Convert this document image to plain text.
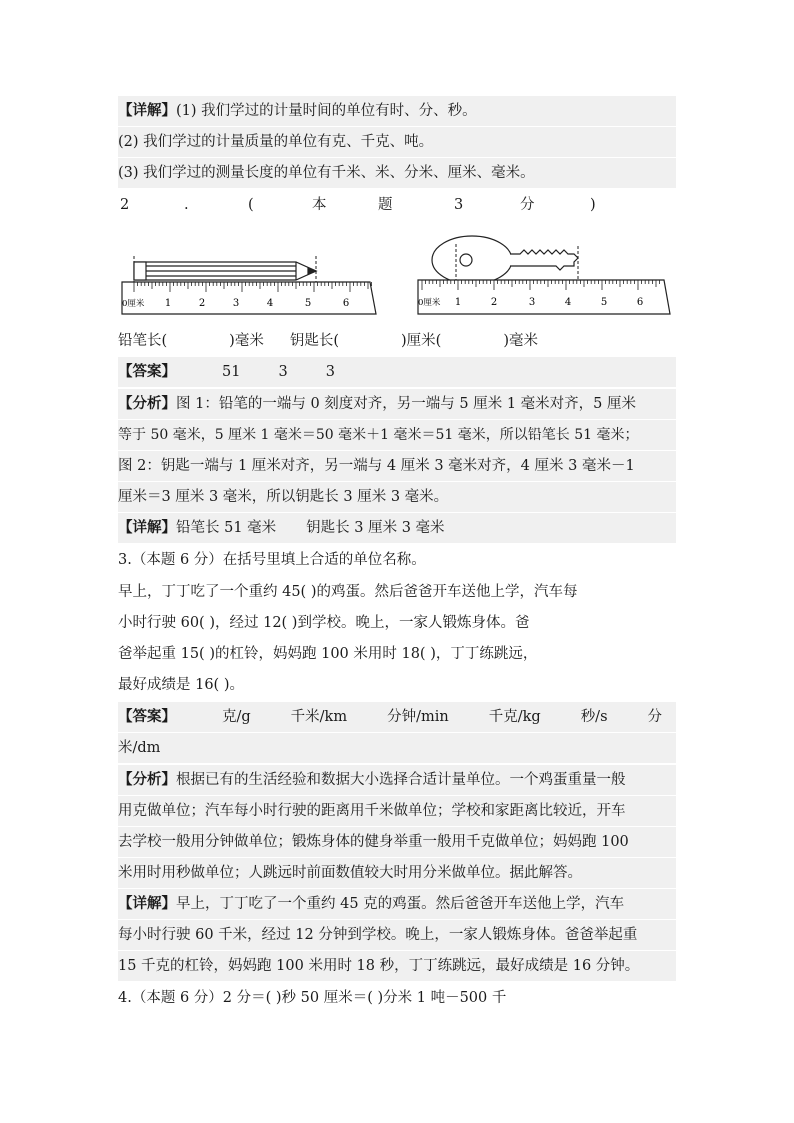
【详解】(1) 我们学过的计量时间的单位有时、分、秒。
(2) 我们学过的计量质量的单位有克、千克、吨。
(3) 我们学过的测量长度的单位有千米、米、分米、厘米、毫米。
2	.	(	本	题	3	分	)
0厘米 1	2	3	4	5	6	0厘米 1	2	3	4	5	6
铅笔长(	)毫米 钥匙长(	)厘米(	)毫米
【答案】	51	3	3
【分析】图 1：铅笔的一端与 0 刻度对齐，另一端与 5 厘米 1 毫米对齐，5 厘米
等于 50 毫米，5 厘米 1 毫米＝50 毫米＋1 毫米＝51 毫米，所以铅笔长 51 毫米；
图 2：钥匙一端与 1 厘米对齐，另一端与 4 厘米 3 毫米对齐，4 厘米 3 毫米－1
厘米＝3 厘米 3 毫米，所以钥匙长 3 厘米 3 毫米。
【详解】铅笔长 51 毫米 钥匙长 3 厘米 3 毫米
3.（本题 6 分）在括号里填上合适的单位名称。
早上，丁丁吃了一个重约 45( )的鸡蛋。然后爸爸开车送他上学，汽车每
小时行驶 60( )，经过 12( )到学校。晚上，一家人锻炼身体。爸
爸举起重 15( )的杠铃，妈妈跑 100 米用时 18( )，丁丁练跳远，
最好成绩是 16( )。
【答案】	克/g	千米/km	分钟/min	千克/kg	秒/s	分
米/dm
【分析】根据已有的生活经验和数据大小选择合适计量单位。一个鸡蛋重量一般
用克做单位；汽车每小时行驶的距离用千米做单位；学校和家距离比较近，开车
去学校一般用分钟做单位；锻炼身体的健身举重一般用千克做单位；妈妈跑 100
米用时用秒做单位；人跳远时前面数值较大时用分米做单位。据此解答。
【详解】早上，丁丁吃了一个重约 45 克的鸡蛋。然后爸爸开车送他上学，汽车
每小时行驶 60 千米，经过 12 分钟到学校。晚上，一家人锻炼身体。爸爸举起重
15 千克的杠铃，妈妈跑 100 米用时 18 秒，丁丁练跳远，最好成绩是 16 分钟。
4.（本题 6 分）2 分＝( )秒 50 厘米＝( )分米 1 吨－500 千
